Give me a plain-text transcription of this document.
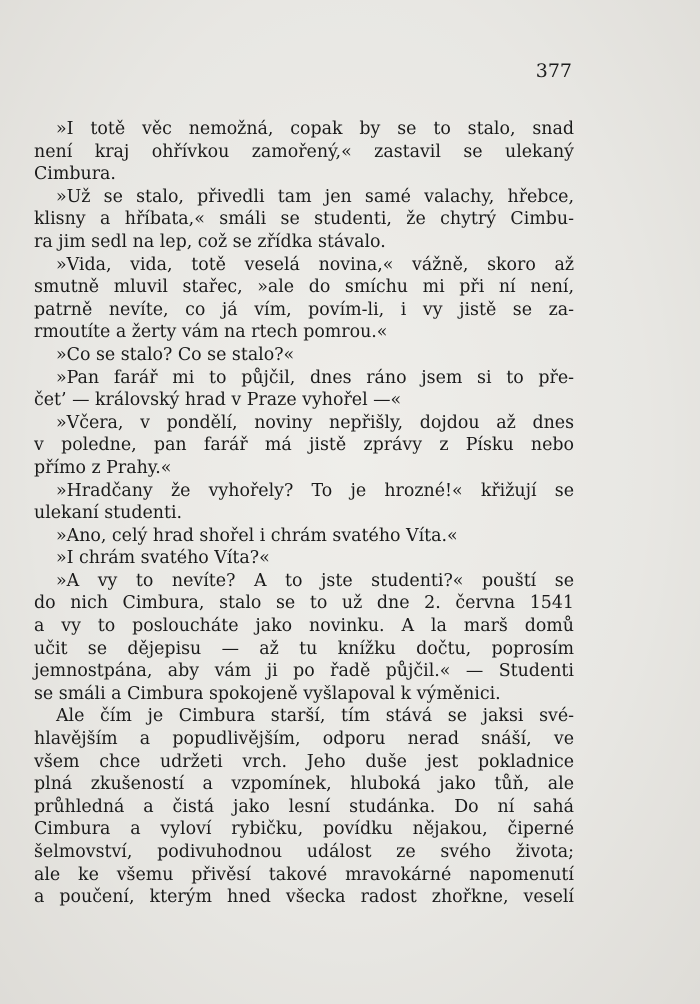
377
»I totě věc nemožná, copak by se to stalo, snad
není kraj ohřívkou zamořený,« zastavil se ulekaný
Cimbura.
»Už se stalo, přivedli tam jen samé valachy, hřebce,
klisny a hříbata,« smáli se studenti, že chytrý Cimbu-
ra jim sedl na lep, což se zřídka stávalo.
»Vida, vida, totě veselá novina,« vážně, skoro až
smutně mluvil stařec, »ale do smíchu mi při ní není,
patrně nevíte, co já vím, povím-li, i vy jistě se za-
rmoutíte a žerty vám na rtech pomrou.«
»Co se stalo? Co se stalo?«
»Pan farář mi to půjčil, dnes ráno jsem si to pře-
čet’ — královský hrad v Praze vyhořel —«
»Včera, v pondělí, noviny nepřišly, dojdou až dnes
v poledne, pan farář má jistě zprávy z Písku nebo
přímo z Prahy.«
»Hradčany že vyhořely? To je hrozné!« křižují se
ulekaní studenti.
»Ano, celý hrad shořel i chrám svatého Víta.«
»I chrám svatého Víta?«
»A vy to nevíte? A to jste studenti?« pouští se
do nich Cimbura, stalo se to už dne 2. června 1541
a vy to posloucháte jako novinku. A la marš domů
učit se dějepisu — až tu knížku dočtu, poprosím
jemnostpána, aby vám ji po řadě půjčil.« — Studenti
se smáli a Cimbura spokojeně vyšlapoval k výměnici.
Ale čím je Cimbura starší, tím stává se jaksi své-
hlavějším a popudlivějším, odporu nerad snáší, ve
všem chce udržeti vrch. Jeho duše jest pokladnice
plná zkušeností a vzpomínek, hluboká jako tůň, ale
průhledná a čistá jako lesní studánka. Do ní sahá
Cimbura a vyloví rybičku, povídku nějakou, čiperné
šelmovství, podivuhodnou událost ze svého života;
ale ke všemu přivěsí takové mravokárné napomenutí
a poučení, kterým hned všecka radost zhořkne, veselí
